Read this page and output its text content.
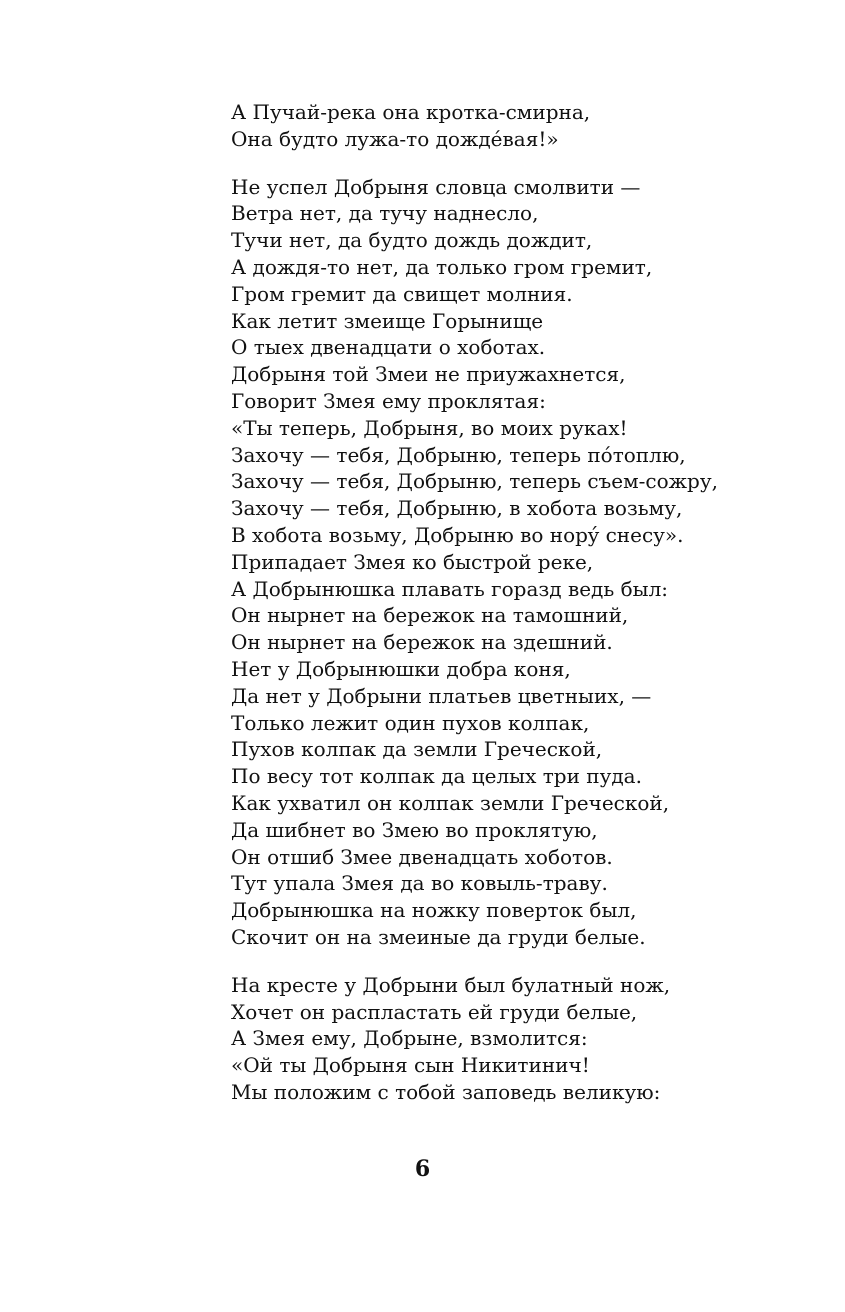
А Пучай-река она кротка-смирна,
Она будто лужа-то дождéвая!»
Не успел Добрыня словца смолвити —
Ветра нет, да тучу наднесло,
Тучи нет, да будто дождь дождит,
А дождя-то нет, да только гром гремит,
Гром гремит да свищет молния.
Как летит змеище Горынище
О тыех двенадцати о хоботах.
Добрыня той Змеи не приужахнется,
Говорит Змея ему проклятая:
«Ты теперь, Добрыня, во моих руках!
Захочу — тебя, Добрыню, теперь пóтоплю,
Захочу — тебя, Добрыню, теперь съем-сожру,
Захочу — тебя, Добрыню, в хобота возьму,
В хобота возьму, Добрыню во норý снесу».
Припадает Змея ко быстрой реке,
А Добрынюшка плавать горазд ведь был:
Он нырнет на бережок на тамошний,
Он нырнет на бережок на здешний.
Нет у Добрынюшки добра коня,
Да нет у Добрыни платьев цветныих, —
Только лежит один пухов колпак,
Пухов колпак да земли Греческой,
По весу тот колпак да целых три пуда.
Как ухватил он колпак земли Греческой,
Да шибнет во Змею во проклятую,
Он отшиб Змее двенадцать хоботов.
Тут упала Змея да во ковыль-траву.
Добрынюшка на ножку поверток был,
Скочит он на змеиные да груди белые.
На кресте у Добрыни был булатный нож,
Хочет он распластать ей груди белые,
А Змея ему, Добрыне, взмолится:
«Ой ты Добрыня сын Никитинич!
Мы положим с тобой заповедь великую:
6
